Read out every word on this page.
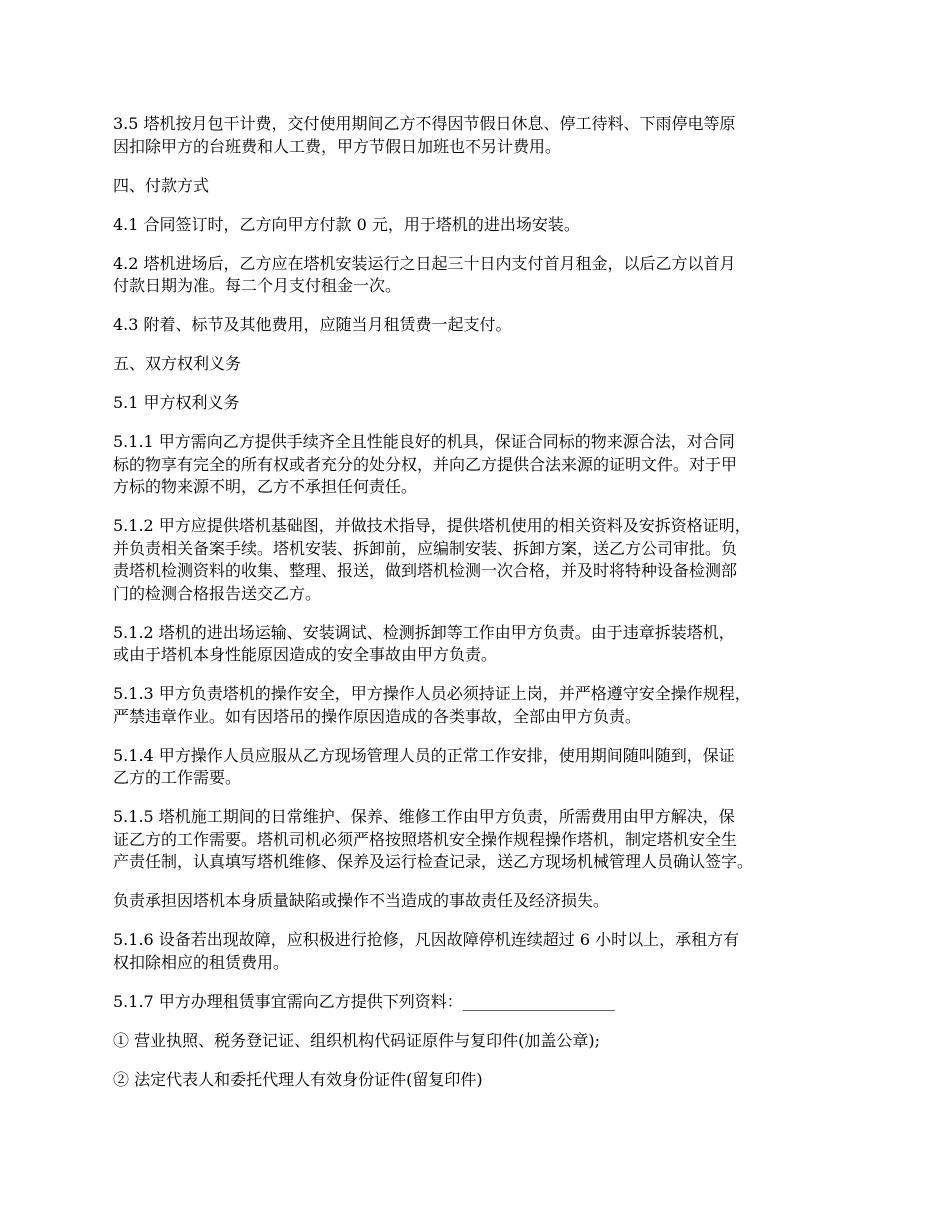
3.5 塔机按月包干计费，交付使用期间乙方不得因节假日休息、停工待料、下雨停电等原
因扣除甲方的台班费和人工费，甲方节假日加班也不另计费用。

四、付款方式

4.1 合同签订时，乙方向甲方付款 0 元，用于塔机的进出场安装。

4.2 塔机进场后，乙方应在塔机安装运行之日起三十日内支付首月租金，以后乙方以首月
付款日期为准。每二个月支付租金一次。

4.3 附着、标节及其他费用，应随当月租赁费一起支付。

五、双方权利义务

5.1 甲方权利义务

5.1.1 甲方需向乙方提供手续齐全且性能良好的机具，保证合同标的物来源合法，对合同
标的物享有完全的所有权或者充分的处分权，并向乙方提供合法来源的证明文件。对于甲
方标的物来源不明，乙方不承担任何责任。

5.1.2 甲方应提供塔机基础图，并做技术指导，提供塔机使用的相关资料及安拆资格证明，
并负责相关备案手续。塔机安装、拆卸前，应编制安装、拆卸方案，送乙方公司审批。负
责塔机检测资料的收集、整理、报送，做到塔机检测一次合格，并及时将特种设备检测部
门的检测合格报告送交乙方。

5.1.2 塔机的进出场运输、安装调试、检测拆卸等工作由甲方负责。由于违章拆装塔机，
或由于塔机本身性能原因造成的安全事故由甲方负责。

5.1.3 甲方负责塔机的操作安全，甲方操作人员必须持证上岗，并严格遵守安全操作规程，
严禁违章作业。如有因塔吊的操作原因造成的各类事故，全部由甲方负责。

5.1.4 甲方操作人员应服从乙方现场管理人员的正常工作安排，使用期间随叫随到，保证
乙方的工作需要。

5.1.5 塔机施工期间的日常维护、保养、维修工作由甲方负责，所需费用由甲方解决，保
证乙方的工作需要。塔机司机必须严格按照塔机安全操作规程操作塔机，制定塔机安全生
产责任制，认真填写塔机维修、保养及运行检查记录，送乙方现场机械管理人员确认签字。

负责承担因塔机本身质量缺陷或操作不当造成的事故责任及经济损失。

5.1.6 设备若出现故障，应积极进行抢修，凡因故障停机连续超过 6 小时以上，承租方有
权扣除相应的租赁费用。

5.1.7 甲方办理租赁事宜需向乙方提供下列资料：___________________

① 营业执照、税务登记证、组织机构代码证原件与复印件(加盖公章);

② 法定代表人和委托代理人有效身份证件(留复印件)
